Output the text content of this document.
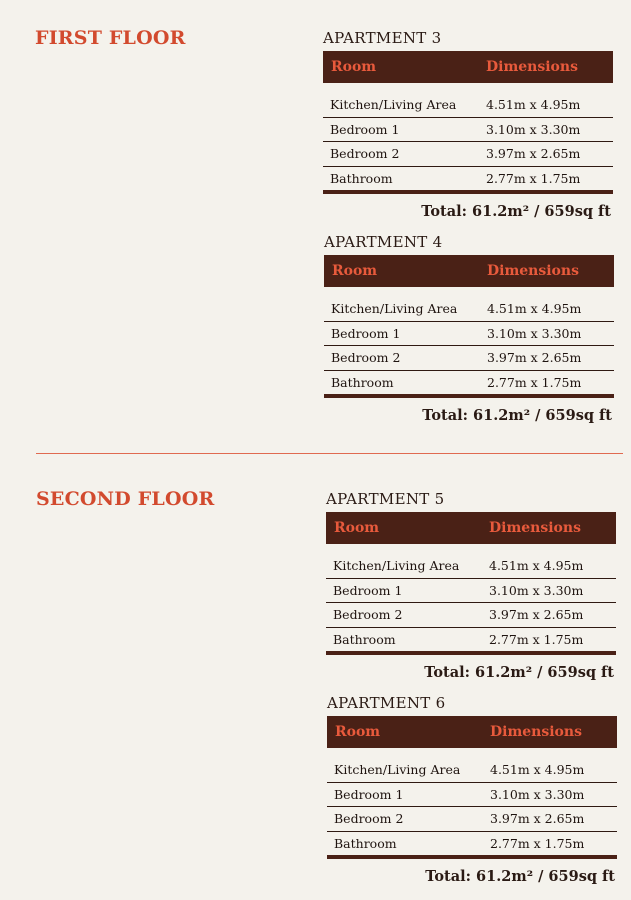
FIRST FLOOR	APARTMENT 3
Room	Dimensions
Kitchen/Living Area	4.51m x 4.95m
Bedroom 1	3.10m x 3.30m
Bedroom 2	3.97m x 2.65m
Bathroom	2.77m x 1.75m
Total: 61.2m² / 659sq ft
APARTMENT 4
Room	Dimensions
Kitchen/Living Area	4.51m x 4.95m
Bedroom 1	3.10m x 3.30m
Bedroom 2	3.97m x 2.65m
Bathroom	2.77m x 1.75m
Total: 61.2m² / 659sq ft
SECOND FLOOR	APARTMENT 5
Room	Dimensions
Kitchen/Living Area	4.51m x 4.95m
Bedroom 1	3.10m x 3.30m
Bedroom 2	3.97m x 2.65m
Bathroom	2.77m x 1.75m
Total: 61.2m² / 659sq ft
APARTMENT 6
Room	Dimensions
Kitchen/Living Area	4.51m x 4.95m
Bedroom 1	3.10m x 3.30m
Bedroom 2	3.97m x 2.65m
Bathroom	2.77m x 1.75m
Total: 61.2m² / 659sq ft
